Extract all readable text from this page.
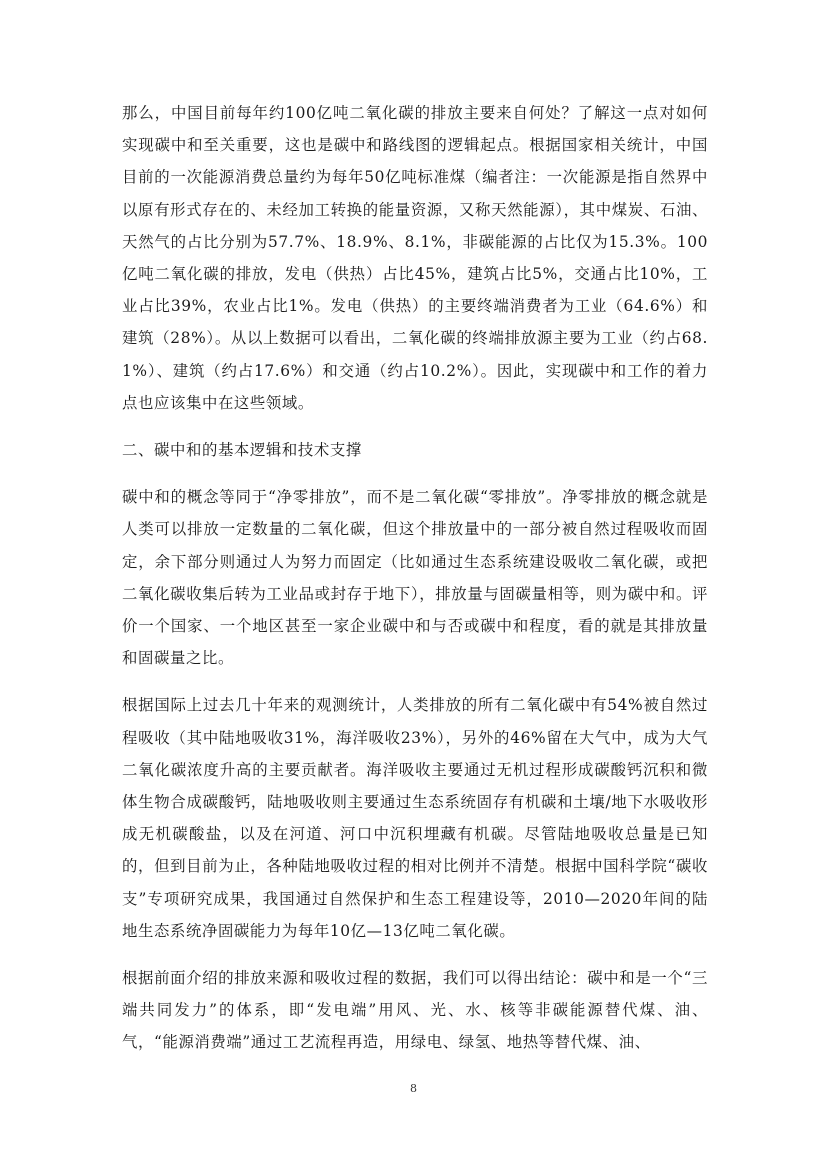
那么，中国目前每年约100亿吨二氧化碳的排放主要来自何处？了解这一点对如何实现碳中和至关重要，这也是碳中和路线图的逻辑起点。根据国家相关统计，中国目前的一次能源消费总量约为每年50亿吨标准煤（编者注：一次能源是指自然界中以原有形式存在的、未经加工转换的能量资源，又称天然能源），其中煤炭、石油、天然气的占比分别为57.7%、18.9%、8.1%，非碳能源的占比仅为15.3%。100亿吨二氧化碳的排放，发电（供热）占比45%，建筑占比5%，交通占比10%，工业占比39%，农业占比1%。发电（供热）的主要终端消费者为工业（64.6%）和建筑（28%）。从以上数据可以看出，二氧化碳的终端排放源主要为工业（约占68.1%）、建筑（约占17.6%）和交通（约占10.2%）。因此，实现碳中和工作的着力点也应该集中在这些领域。

二、碳中和的基本逻辑和技术支撑

碳中和的概念等同于“净零排放”，而不是二氧化碳“零排放”。净零排放的概念就是人类可以排放一定数量的二氧化碳，但这个排放量中的一部分被自然过程吸收而固定，余下部分则通过人为努力而固定（比如通过生态系统建设吸收二氧化碳，或把二氧化碳收集后转为工业品或封存于地下），排放量与固碳量相等，则为碳中和。评价一个国家、一个地区甚至一家企业碳中和与否或碳中和程度，看的就是其排放量和固碳量之比。

根据国际上过去几十年来的观测统计，人类排放的所有二氧化碳中有54%被自然过程吸收（其中陆地吸收31%，海洋吸收23%），另外的46%留在大气中，成为大气二氧化碳浓度升高的主要贡献者。海洋吸收主要通过无机过程形成碳酸钙沉积和微体生物合成碳酸钙，陆地吸收则主要通过生态系统固存有机碳和土壤/地下水吸收形成无机碳酸盐，以及在河道、河口中沉积埋藏有机碳。尽管陆地吸收总量是已知的，但到目前为止，各种陆地吸收过程的相对比例并不清楚。根据中国科学院“碳收支”专项研究成果，我国通过自然保护和生态工程建设等，2010—2020年间的陆地生态系统净固碳能力为每年10亿—13亿吨二氧化碳。

根据前面介绍的排放来源和吸收过程的数据，我们可以得出结论：碳中和是一个“三端共同发力”的体系，即“发电端”用风、光、水、核等非碳能源替代煤、油、气，“能源消费端”通过工艺流程再造，用绿电、绿氢、地热等替代煤、油、

8
